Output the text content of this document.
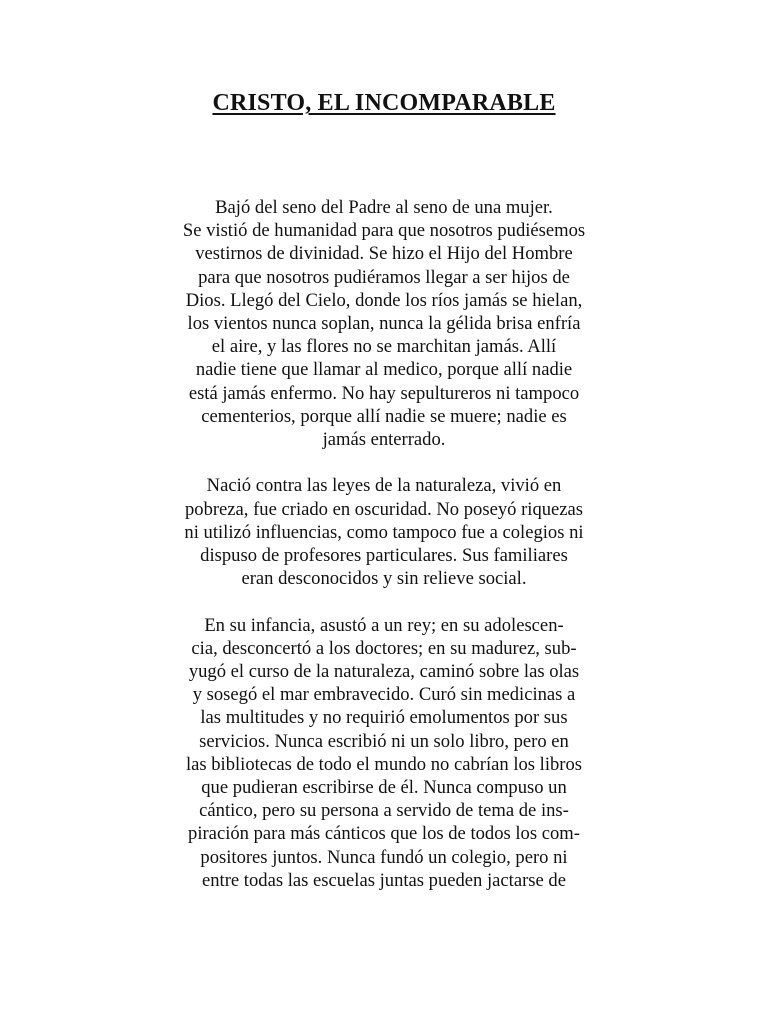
CRISTO, EL INCOMPARABLE

Bajó del seno del Padre al seno de una mujer.
Se vistió de humanidad para que nosotros pudiésemos
vestirnos de divinidad. Se hizo el Hijo del Hombre
para que nosotros pudiéramos llegar a ser hijos de
Dios. Llegó del Cielo, donde los ríos jamás se hielan,
los vientos nunca soplan, nunca la gélida brisa enfría
el aire, y las flores no se marchitan jamás. Allí
nadie tiene que llamar al medico, porque allí nadie
está jamás enfermo. No hay sepultureros ni tampoco
cementerios, porque allí nadie se muere; nadie es
jamás enterrado.

Nació contra las leyes de la naturaleza, vivió en
pobreza, fue criado en oscuridad. No poseyó riquezas
ni utilizó influencias, como tampoco fue a colegios ni
dispuso de profesores particulares. Sus familiares
eran desconocidos y sin relieve social.

En su infancia, asustó a un rey; en su adolescen-
cia, desconcertó a los doctores; en su madurez, sub-
yugó el curso de la naturaleza, caminó sobre las olas
y sosegó el mar embravecido. Curó sin medicinas a
las multitudes y no requirió emolumentos por sus
servicios. Nunca escribió ni un solo libro, pero en
las bibliotecas de todo el mundo no cabrían los libros
que pudieran escribirse de él. Nunca compuso un
cántico, pero su persona a servido de tema de ins-
piración para más cánticos que los de todos los com-
positores juntos. Nunca fundó un colegio, pero ni
entre todas las escuelas juntas pueden jactarse de
